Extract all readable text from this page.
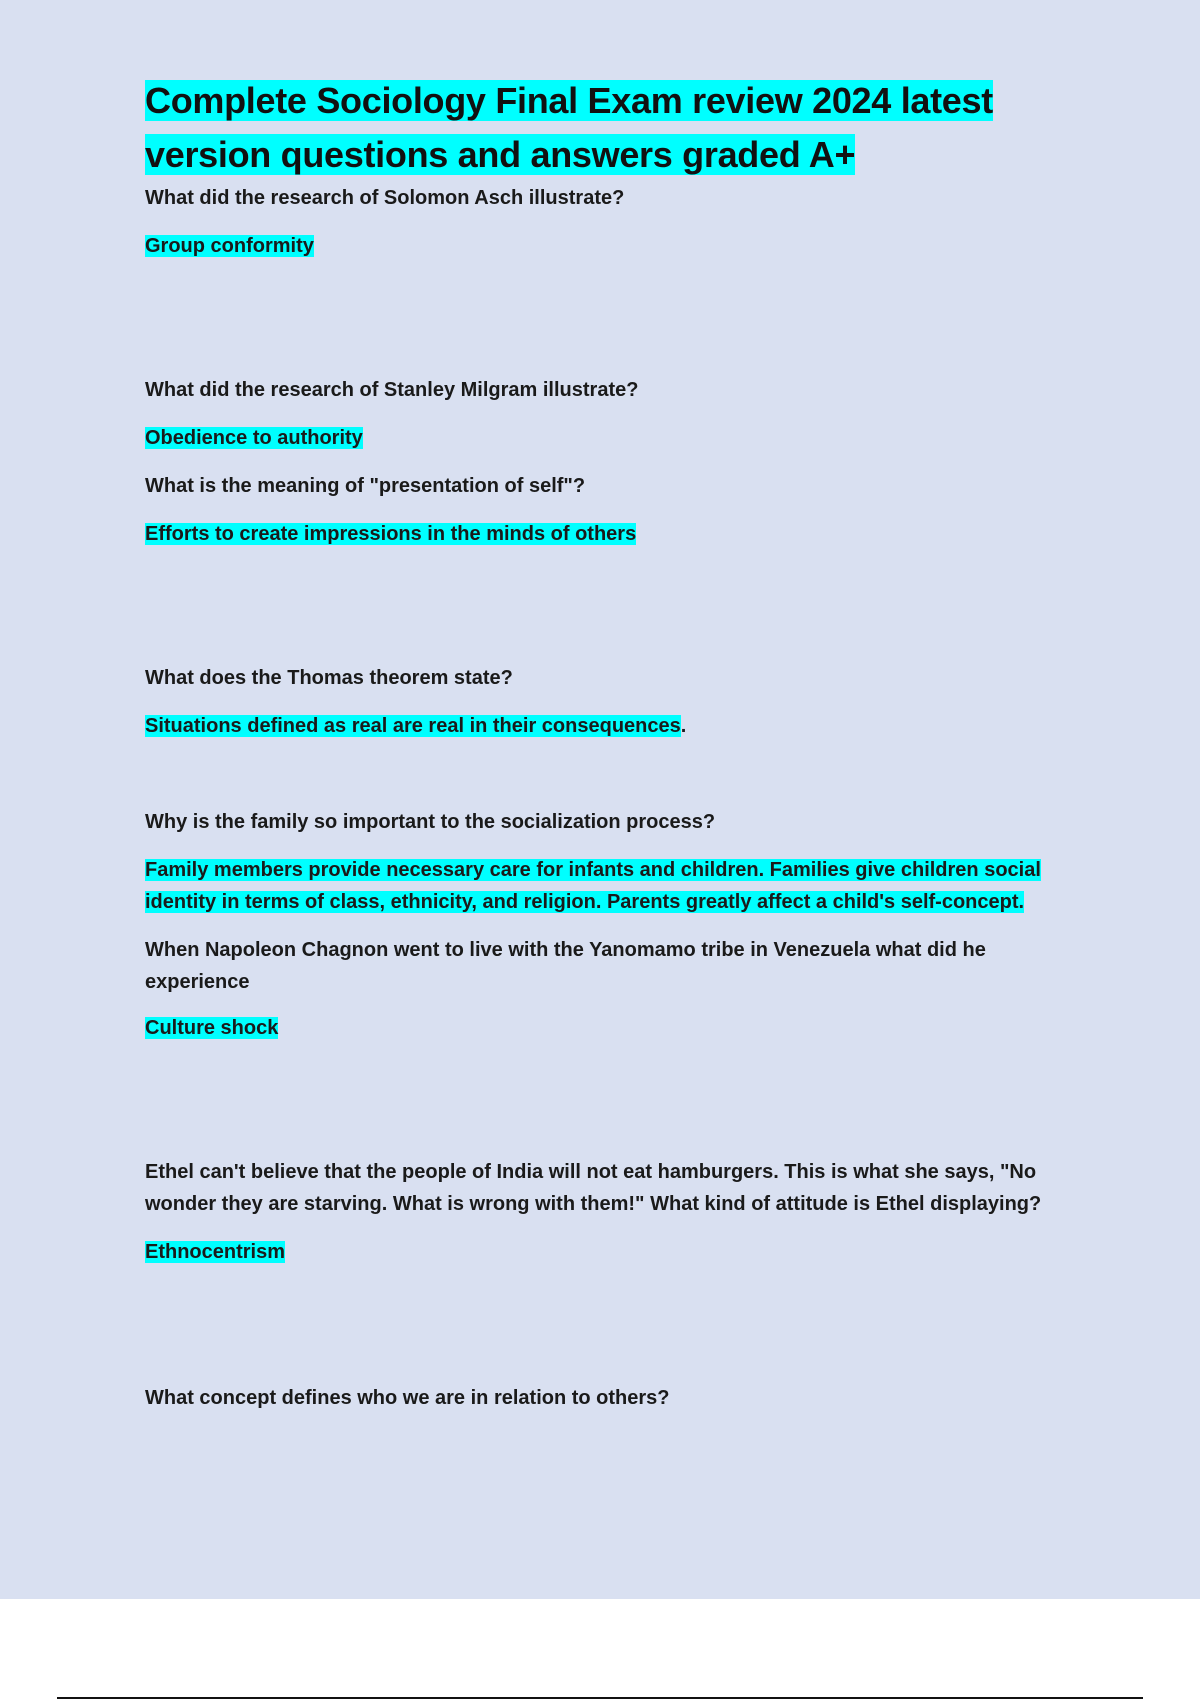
Complete Sociology Final Exam review 2024 latest version questions and answers graded A+

What did the research of Solomon Asch illustrate?

Group conformity

What did the research of Stanley Milgram illustrate?

Obedience to authority

What is the meaning of "presentation of self"?

Efforts to create impressions in the minds of others

What does the Thomas theorem state?

Situations defined as real are real in their consequences.

Why is the family so important to the socialization process?

Family members provide necessary care for infants and children. Families give children social identity in terms of class, ethnicity, and religion. Parents greatly affect a child's self-concept.

When Napoleon Chagnon went to live with the Yanomamo tribe in Venezuela what did he experience

Culture shock

Ethel can't believe that the people of India will not eat hamburgers. This is what she says, "No wonder they are starving. What is wrong with them!" What kind of attitude is Ethel displaying?

Ethnocentrism

What concept defines who we are in relation to others?
